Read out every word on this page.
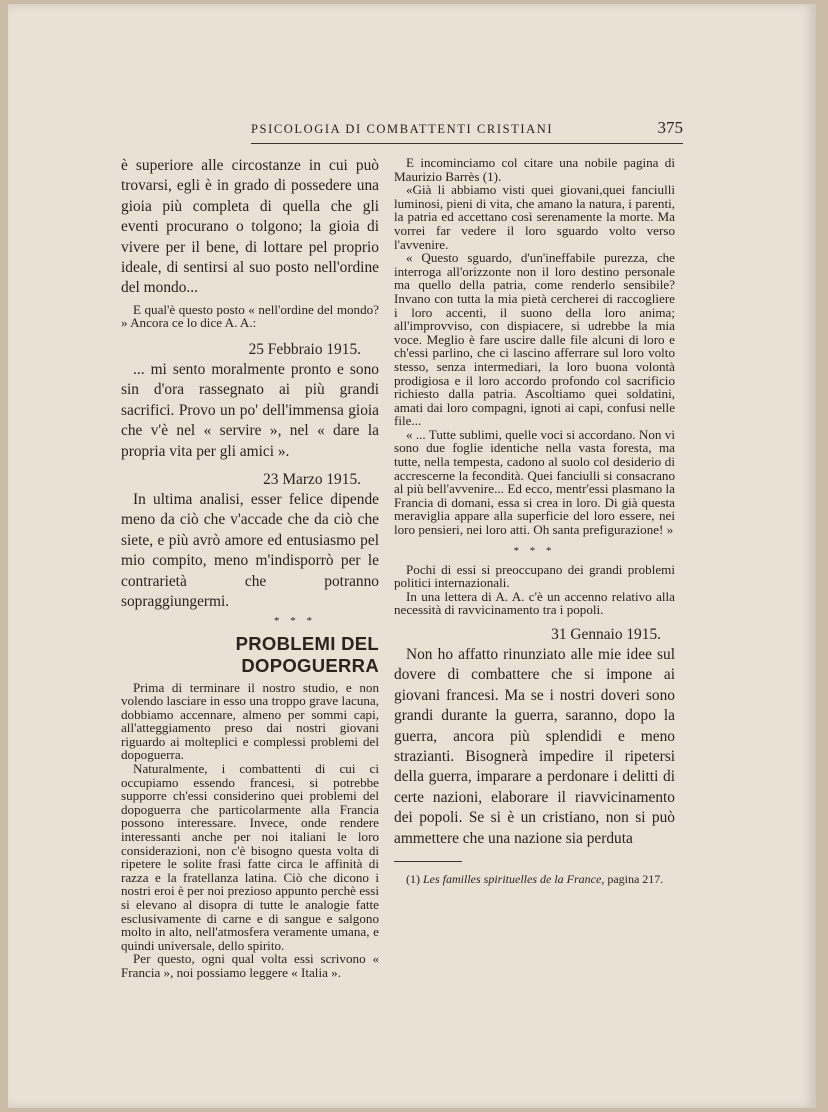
PSICOLOGIA DI COMBATTENTI CRISTIANI	375

è superiore alle circostanze in cui può trovarsi, egli è in grado di possedere una gioia più completa di quella che gli eventi procurano o tolgono; la gioia di vivere per il bene, di lottare pel proprio ideale, di sentirsi al suo posto nell'ordine del mondo...

E qual'è questo posto « nell'ordine del mondo? » Ancora ce lo dice A. A.:

25 Febbraio 1915.

... mi sento moralmente pronto e sono sin d'ora rassegnato ai più grandi sacrifici. Provo un po' dell'immensa gioia che v'è nel « servire », nel « dare la propria vita per gli amici ».

23 Marzo 1915.

In ultima analisi, esser felice dipende meno da ciò che v'accade che da ciò che siete, e più avrò amore ed entusiasmo pel mio compito, meno m'indisporrò per le contrarietà che potranno sopraggiungermi.

* * *
PROBLEMI DEL
DOPOGUERRA

Prima di terminare il nostro studio, e non volendo lasciare in esso una troppo grave lacuna, dobbiamo accennare, almeno per sommi capi, all'atteggiamento preso dai nostri giovani riguardo ai molteplici e complessi problemi del dopoguerra.

Naturalmente, i combattenti di cui ci occupiamo essendo francesi, si potrebbe supporre ch'essi considerino quei problemi del dopoguerra che particolarmente alla Francia possono interessare. Invece, onde rendere interessanti anche per noi italiani le loro considerazioni, non c'è bisogno questa volta di ripetere le solite frasi fatte circa le affinità di razza e la fratellanza latina. Ciò che dicono i nostri eroi è per noi prezioso appunto perchè essi si elevano al disopra di tutte le analogie fatte esclusivamente di carne e di sangue e salgono molto in alto, nell'atmosfera veramente umana, e quindi universale, dello spirito.

Per questo, ogni qual volta essi scrivono « Francia », noi possiamo leggere « Italia ».

E incominciamo col citare una nobile pagina di Maurizio Barrès (1).

«Già li abbiamo visti quei giovani,quei fanciulli luminosi, pieni di vita, che amano la natura, i parenti, la patria ed accettano così serenamente la morte. Ma vorrei far vedere il loro sguardo volto verso l'avvenire.

« Questo sguardo, d'un'ineffabile purezza, che interroga all'orizzonte non il loro destino personale ma quello della patria, come renderlo sensibile? Invano con tutta la mia pietà cercherei di raccogliere i loro accenti, il suono della loro anima; all'improvviso, con dispiacere, si udrebbe la mia voce. Meglio è fare uscire dalle file alcuni di loro e ch'essi parlino, che ci lascino afferrare sul loro volto stesso, senza intermediari, la loro buona volontà prodigiosa e il loro accordo profondo col sacrificio richiesto dalla patria. Ascoltiamo quei soldatini, amati dai loro compagni, ignoti ai capi, confusi nelle file...

« ... Tutte sublimi, quelle voci si accordano. Non vi sono due foglie identiche nella vasta foresta, ma tutte, nella tempesta, cadono al suolo col desiderio di accrescerne la fecondità. Quei fanciulli si consacrano al più bell'avvenire... Ed ecco, mentr'essi plasmano la Francia di domani, essa si crea in loro. Di già questa meraviglia appare alla superficie del loro essere, nei loro pensieri, nei loro atti. Oh santa prefigurazione! »

* * *

Pochi di essi si preoccupano dei grandi problemi politici internazionali.

In una lettera di A. A. c'è un accenno relativo alla necessità di ravvicinamento tra i popoli.

31 Gennaio 1915.

Non ho affatto rinunziato alle mie idee sul dovere di combattere che si impone ai giovani francesi. Ma se i nostri doveri sono grandi durante la guerra, saranno, dopo la guerra, ancora più splendidi e meno strazianti. Bisognerà impedire il ripetersi della guerra, imparare a perdonare i delitti di certe nazioni, elaborare il riavvicinamento dei popoli. Se si è un cristiano, non si può ammettere che una nazione sia perduta

(1) Les familles spirituelles de la France, pagina 217.
